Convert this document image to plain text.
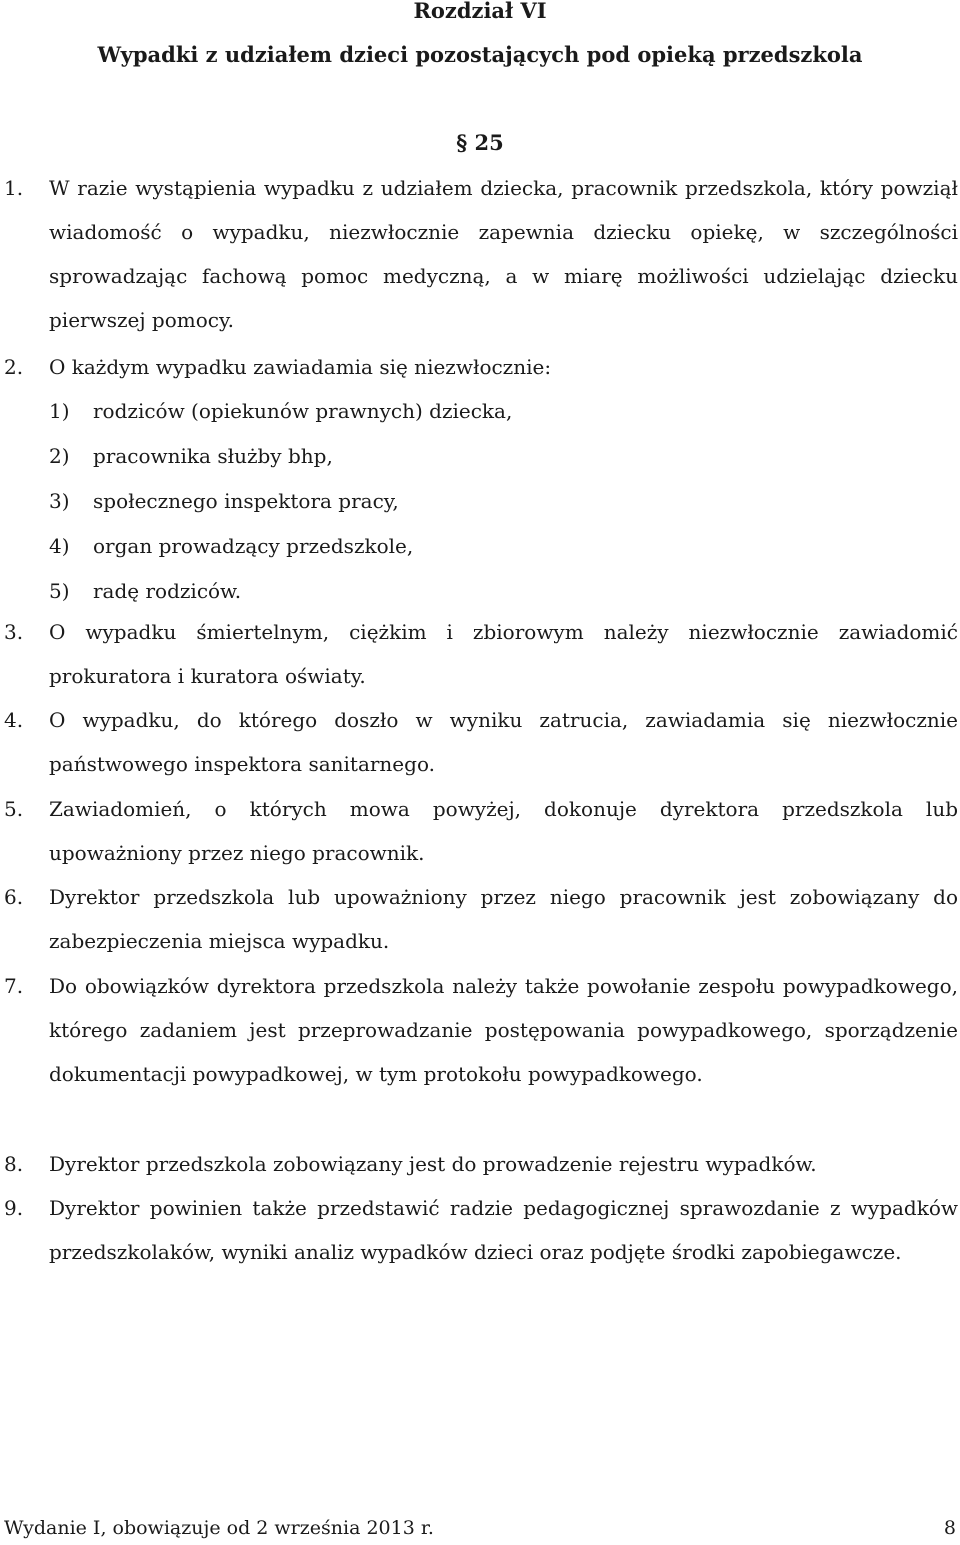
Rozdział VI
Wypadki z udziałem dzieci pozostających pod opieką przedszkola
§ 25
1. W razie wystąpienia wypadku z udziałem dziecka, pracownik przedszkola, który powziął wiadomość o wypadku, niezwłocznie zapewnia dziecku opiekę, w szczególności sprowadzając fachową pomoc medyczną, a w miarę możliwości udzielając dziecku pierwszej pomocy.
2. O każdym wypadku zawiadamia się niezwłocznie:
1) rodziców (opiekunów prawnych) dziecka,
2) pracownika służby bhp,
3) społecznego inspektora pracy,
4) organ prowadzący przedszkole,
5) radę rodziców.
3. O wypadku śmiertelnym, ciężkim i zbiorowym należy niezwłocznie zawiadomić prokuratora i kuratora oświaty.
4. O wypadku, do którego doszło w wyniku zatrucia, zawiadamia się niezwłocznie państwowego inspektora sanitarnego.
5. Zawiadomień, o których mowa powyżej, dokonuje dyrektora przedszkola lub upoważniony przez niego pracownik.
6. Dyrektor przedszkola lub upoważniony przez niego pracownik jest zobowiązany do zabezpieczenia miejsca wypadku.
7. Do obowiązków dyrektora przedszkola należy także powołanie zespołu powypadkowego, którego zadaniem jest przeprowadzanie postępowania powypadkowego, sporządzenie dokumentacji powypadkowej, w tym protokołu powypadkowego.
8. Dyrektor przedszkola zobowiązany jest do prowadzenie rejestru wypadków.
9. Dyrektor powinien także przedstawić radzie pedagogicznej sprawozdanie z wypadków przedszkolaków, wyniki analiz wypadków dzieci oraz podjęte środki zapobiegawcze.
Wydanie I, obowiązuje od 2 września 2013 r.	8
